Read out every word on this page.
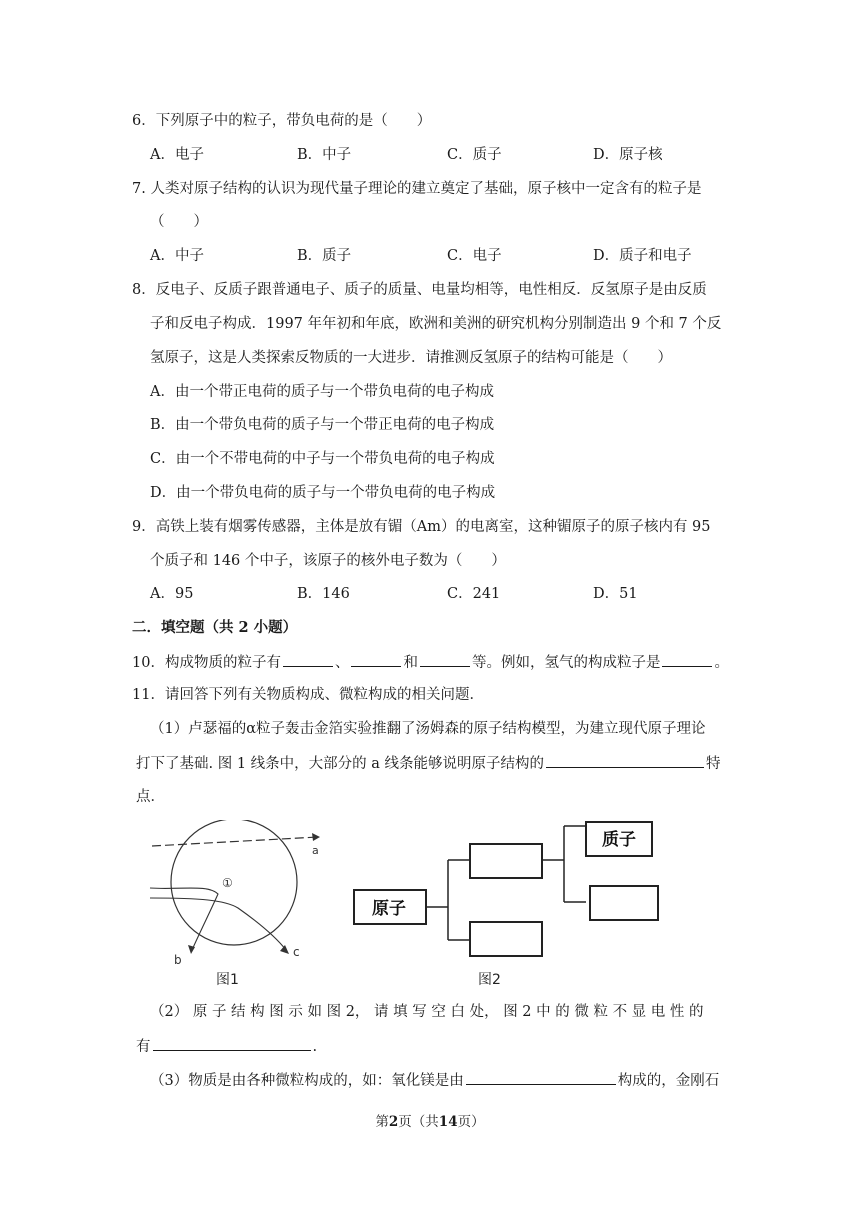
6．下列原子中的粒子，带负电荷的是（　　）
A．电子	B．中子	C．质子	D．原子核
7. 人类对原子结构的认识为现代量子理论的建立奠定了基础，原子核中一定含有的粒子是
（　　）
A．中子	B．质子	C．电子	D．质子和电子
8．反电子、反质子跟普通电子、质子的质量、电量均相等，电性相反．反氢原子是由反质
子和反电子构成．1997 年年初和年底，欧洲和美洲的研究机构分别制造出 9 个和 7 个反
氢原子，这是人类探索反物质的一大进步．请推测反氢原子的结构可能是（　　）
A．由一个带正电荷的质子与一个带负电荷的电子构成
B．由一个带负电荷的质子与一个带正电荷的电子构成
C．由一个不带电荷的中子与一个带负电荷的电子构成
D．由一个带负电荷的质子与一个带负电荷的电子构成
9．高铁上装有烟雾传感器，主体是放有镅（Am）的电离室，这种镅原子的原子核内有 95
个质子和 146 个中子，该原子的核外电子数为（　　）
A．95	B．146	C．241	D．51
二．填空题（共 2 小题）
10．构成物质的粒子有	、	和	等。例如，氢气的构成粒子是	。
11．请回答下列有关物质构成、微粒构成的相关问题．
（1）卢瑟福的α粒子轰击金箔实验推翻了汤姆森的原子结构模型，为建立现代原子理论
打下了基础. 图 1 线条中，大部分的 a 线条能够说明原子结构的	特
点．
①
a
b
c
图1
原子
质子
图2
（2） 原 子 结 构 图 示 如 图 2， 请 填 写 空 白 处， 图 2 中 的 微 粒 不 显 电 性 的
有	.
（3）物质是由各种微粒构成的，如：氧化镁是由	构成的，金刚石
第2页（共14页）
